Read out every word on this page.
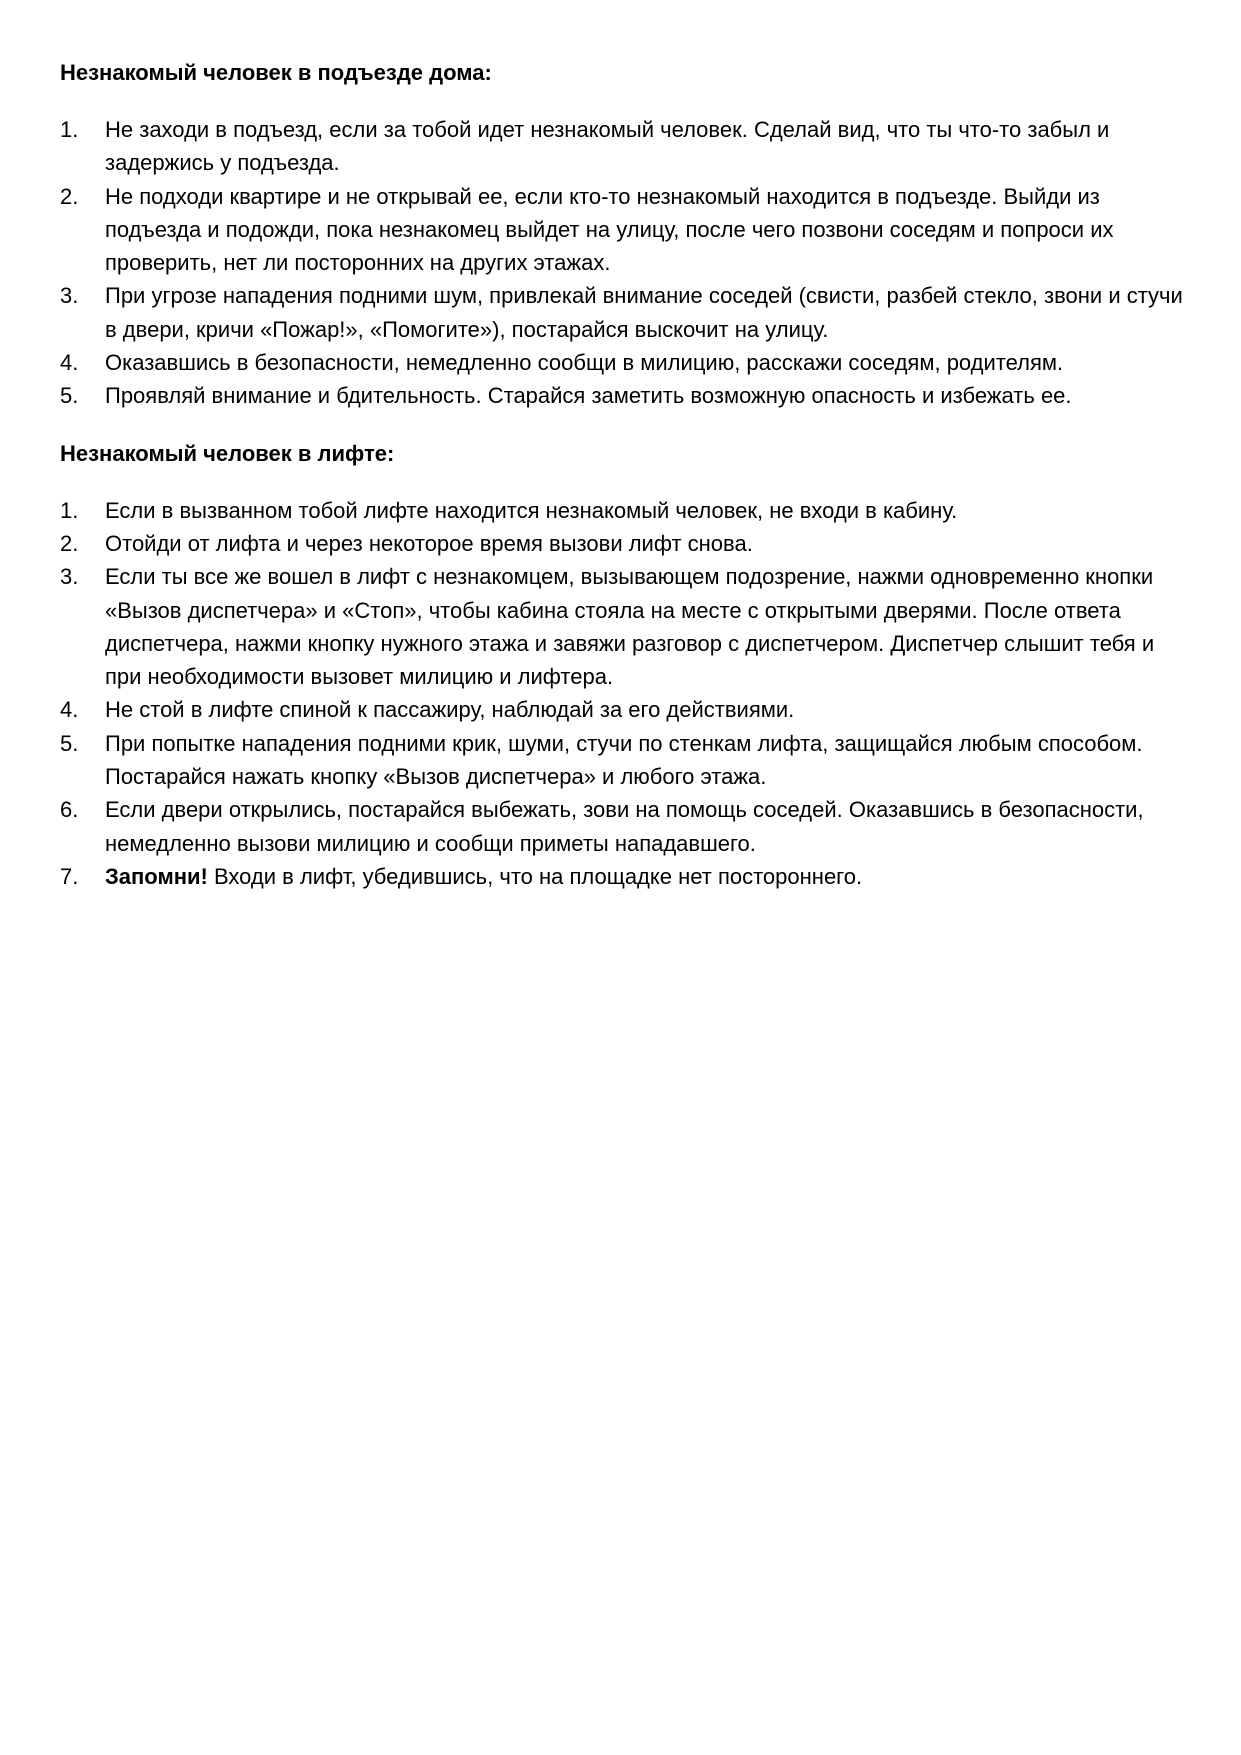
Незнакомый человек в подъезде дома:
1.	Не заходи в подъезд, если за тобой идет незнакомый человек. Сделай вид, что ты что-то забыл и задержись у подъезда.
2.	Не подходи квартире и не открывай ее, если кто-то незнакомый находится в подъезде. Выйди из подъезда и подожди, пока незнакомец выйдет на улицу, после чего позвони соседям и попроси их проверить, нет ли посторонних на других этажах.
3.	При угрозе нападения подними шум, привлекай внимание соседей (свисти, разбей стекло, звони и стучи в двери, кричи «Пожар!», «Помогите»), постарайся выскочит на улицу.
4.	Оказавшись в безопасности, немедленно сообщи в милицию, расскажи соседям, родителям.
5.	Проявляй внимание и бдительность. Старайся заметить возможную опасность и избежать ее.
Незнакомый человек в лифте:
1.	Если в вызванном тобой лифте находится незнакомый человек, не входи в кабину.
2.	Отойди от лифта и через некоторое время вызови лифт снова.
3.	Если ты все же вошел в лифт с незнакомцем, вызывающем подозрение, нажми одновременно кнопки «Вызов диспетчера» и «Стоп», чтобы кабина стояла на месте с открытыми дверями. После ответа диспетчера, нажми кнопку нужного этажа и завяжи разговор с диспетчером. Диспетчер слышит тебя и при необходимости вызовет милицию и лифтера.
4.	Не стой в лифте спиной к пассажиру, наблюдай за его действиями.
5.	При попытке нападения подними крик, шуми, стучи по стенкам лифта, защищайся любым способом. Постарайся нажать кнопку «Вызов диспетчера» и любого этажа.
6.	Если двери открылись, постарайся выбежать, зови на помощь соседей. Оказавшись в безопасности, немедленно вызови милицию и сообщи приметы нападавшего.
7.	Запомни! Входи в лифт, убедившись, что на площадке нет постороннего.
